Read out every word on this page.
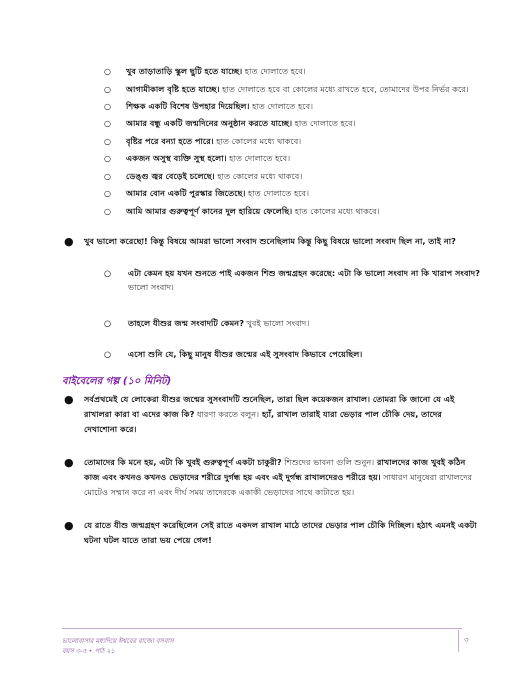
○ খুব তাড়াতাড়ি স্কুল ছুটি হতে যাচ্ছে। হাত দোলাতে হবে।
○ আগামীকাল বৃষ্টি হতে যাচ্ছে। হাত দোলাতে হবে বা কোলের মধ্যে রাখতে হবে, তোমাদের উপর নির্ভর করে।
○ শিক্ষক একটি বিশেষ উপহার দিয়েছিল। হাত দোলাতে হবে।
○ আমার বন্ধু একটি জন্মদিনের অনুষ্ঠান করতে যাচ্ছে। হাত দোলাতে হবে।
○ বৃষ্টির পরে বন্যা হতে পারে। হাত কোলের মধ্যে থাকবে।
○ একজন অসুস্থ ব্যক্তি সুস্থ হলো। হাত দোলাতে হবে।
○ ডেঙ্গু জ্বর বেড়েই চলেছে। হাত কোলের মধ্যে থাকবে।
○ আমার বোন একটি পুরস্কার জিতেছে। হাত দোলাতে হবে।
○ আমি আমার গুরুত্বপূর্ণ কানের দুল হারিয়ে ফেলেছি। হাত কোলের মধ্যে থাকবে।
● খুব ভালো করেছো! কিন্তু বিষয়ে আমরা ভালো সংবাদ শুনেছিলাম কিন্তু কিছু বিষয়ে ভালো সংবাদ ছিল না, তাই না?
○ এটা কেমন হয় যখন শুনতে পাই একজন শিশু জন্মগ্রহন করেছে: এটা কি ভালো সংবাদ না কি খারাপ সংবাদ?
ভালো সংবাদ।
○ তাহলে যীশুর জন্ম সংবাদটি কেমন? খুবই ভালো সংবাদ।
○ এসো শুনি যে, কিছু মানুষ যীশুর জন্মের এই সুসংবাদ কিভাবে পেয়েছিল।
বাইবেলের গল্প (১০ মিনিট)
● সর্বপ্রথমেই যে লোকেরা যীশুর জন্মের সুসংবাদটি শুনেছিল, তারা ছিল কয়েকজন রাখাল। তোমরা কি জানো যে এই
রাখালরা কারা বা এদের কাজ কি? ধারণা করতে বলুন। হ্যাঁ, রাখাল তারাই যারা ভেড়ার পাল চৌকি দেয়, তাদের
দেখাশোনা করে।
● তোমাদের কি মনে হয়, এটা কি খুবই গুরুত্বপূর্ণ একটা চাকুরী? শিশুদের ভাবনা গুলি শুনুন। রাখালদের কাজ খুবই কঠিন
কাজ এবং কখনও কখনও ভেড়াদের শরীরে দুর্গন্ধ হয় এবং এই দুর্গন্ধ রাখালদেরও শরীরে হয়। সাধারণ মানুষেরা রাখালদের
মোটেও সম্মান করে না এবং দীর্ঘ সময় তাদেরকে একাকী ভেড়াদের সাথে কাটাতে হয়।
● যে রাতে যীশু জন্মগ্রহণ করেছিলেন সেই রাতে একদল রাখাল মাঠে তাদের ভেড়ার পাল চৌকি দিচ্ছিল। হঠাৎ এমনই একটা
ঘটনা ঘটল যাতে তারা ভয় পেয়ে গেল!
ভালোবাসার মধ্যদিয়ে ঈশ্বরের রাজ্যে বসবাস
বয়স ৩-৫ • পাঠ ২১
৩
